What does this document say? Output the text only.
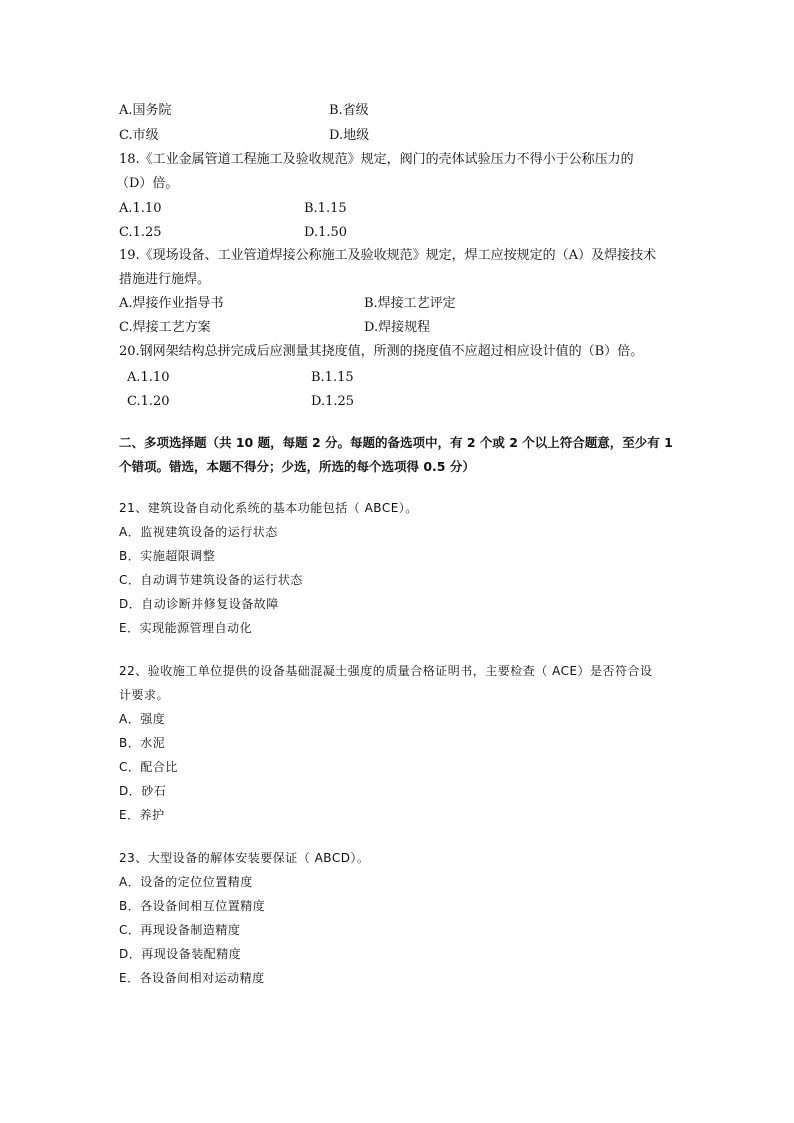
A.国务院	B.省级
C.市级	D.地级
18.《工业金属管道工程施工及验收规范》规定，阀门的壳体试验压力不得小于公称压力的
（D）倍。
A.1.10	B.1.15
C.1.25	D.1.50
19.《现场设备、工业管道焊接公称施工及验收规范》规定，焊工应按规定的（A）及焊接技术
措施进行施焊。
A.焊接作业指导书	B.焊接工艺评定
C.焊接工艺方案	D.焊接规程
20.钢网架结构总拼完成后应测量其挠度值，所测的挠度值不应超过相应设计值的（B）倍。
A.1.10	B.1.15
C.1.20	D.1.25
二、多项选择题（共 10 题，每题 2 分。每题的备选项中，有 2 个或 2 个以上符合题意，至少有 1
个错项。错选，本题不得分；少选，所选的每个选项得 0.5 分）
21、建筑设备自动化系统的基本功能包括（ ABCE）。
A．监视建筑设备的运行状态
B．实施超限调整
C．自动调节建筑设备的运行状态
D．自动诊断并修复设备故障
E．实现能源管理自动化
22、验收施工单位提供的设备基础混凝土强度的质量合格证明书，主要检查（ ACE）是否符合设
计要求。
A．强度
B．水泥
C．配合比
D．砂石
E．养护
23、大型设备的解体安装要保证（ ABCD）。
A．设备的定位位置精度
B．各设备间相互位置精度
C．再现设备制造精度
D．再现设备装配精度
E．各设备间相对运动精度
